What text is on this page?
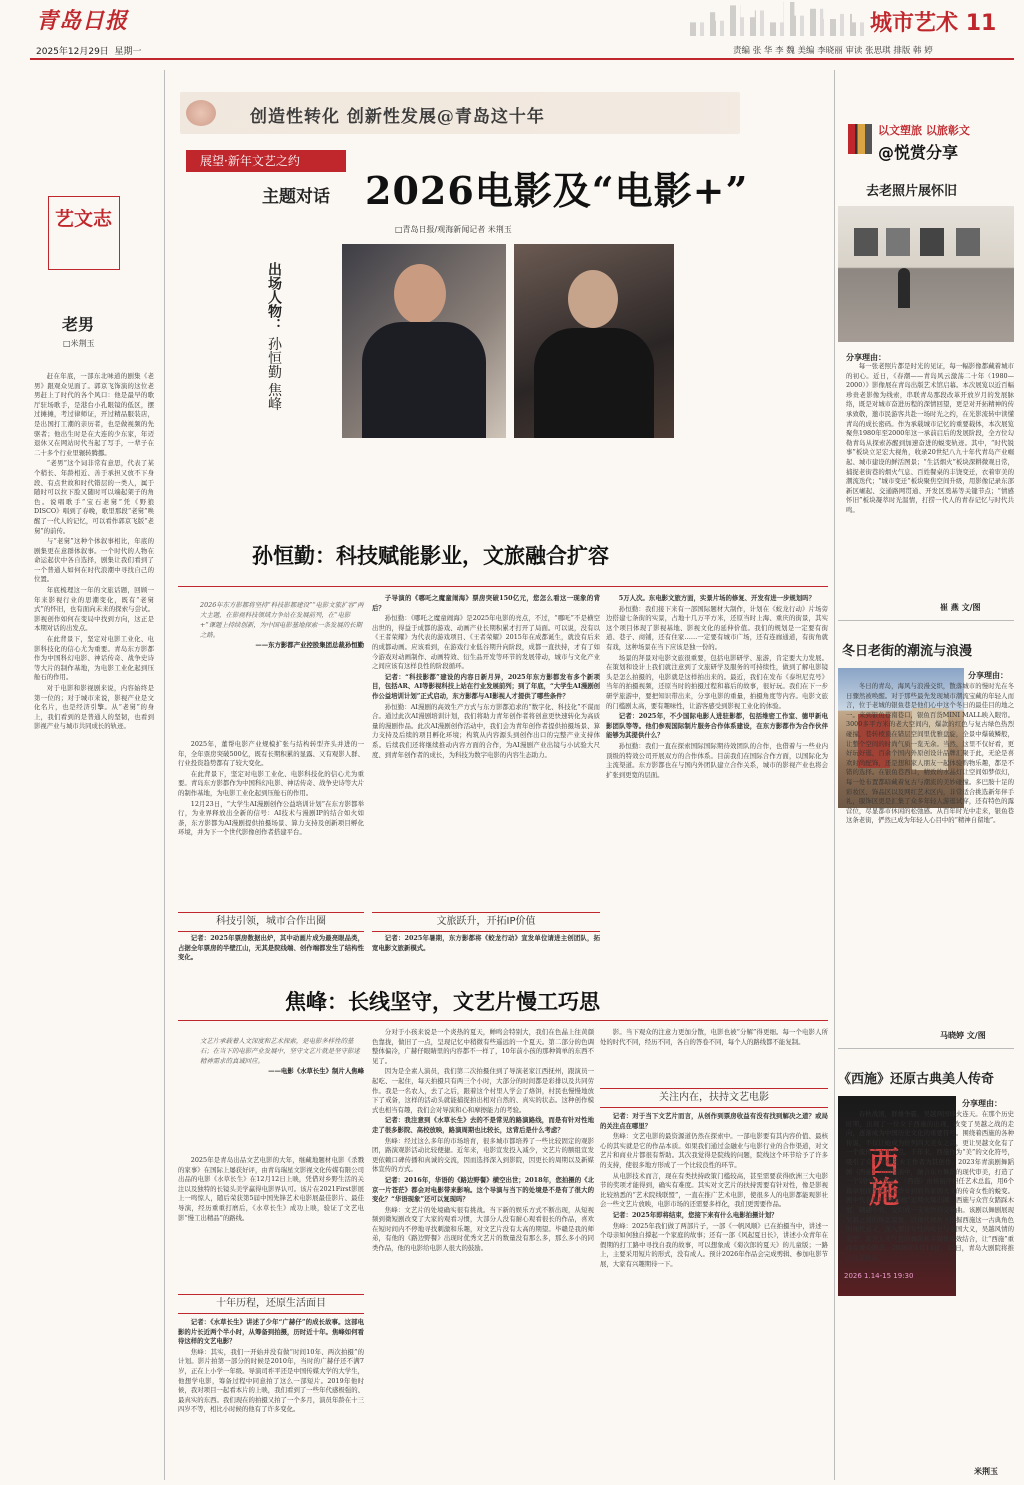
青岛日报	城市艺术 11
2025年12月29日 星期一	责编 张 华 李 魏 美编 李晓丽 审读 张思琪 排版 韩 婷
创造性转化 创新性发展@青岛这十年
展望·新年文艺之约
主题对话 2026电影及“电影+”
□青岛日报/观海新闻记者 米荆玉
出场人物： 孙恒勤 焦峰
艺文志
老男
□米荆玉

赶在年底，一部东北味道的剧集《老男》跟观众见面了。郭京飞饰演的这位老男赶上了时代的各个风口：他是最早的歌厅驻场歌手，是港台小孔眼镜的低区，摆过摊摊，考过律师证，开过精品服装店，是出国打工潮的亲历者，也是做视频的先驱者；他出生时是在大连的少东家，年迈退休又在网站时代当起了写手，一辈子在二十多个行业里辗转腾挪。

“老男”这个词非常有意思，代表了某个稍长、年龄相近、善于承担又放不下身段、有点世故和时代错层的一类人，属于随时可以拉下脸又随时可以端起架子的角色。说唱歌手“宝石老舅”凭《野狼DISCO》唱到了春晚，歌里那段“老舅”唤醒了一代人的记忆，可以看作郭京飞版“老舅”的前传。

与“老舅”这种个体叙事相比，年底的剧集更在意群体叙事。一个时代的人物在命运起伏中各自选择，剧集让我们看到了一个普通人如何在时代浪潮中寻找自己的位置。

年底梳理这一年的文旅话题，回顾一年来影视行业的思潮变化，既有“老舅式”的怀旧，也有面向未来的探索与尝试。影视创作如何在变局中找到方向，这正是本期对话的出发点。

在此背景下，坚定对电影工业化、电影科技化的信心尤为重要。青岛东方影都作为中国科幻电影、神话传奇、战争史诗等大片的制作基地，为电影工业化起到压舱石的作用。

对于电影和影视剧来说，内容始终是第一位的；对于城市来说，影视产业是文化名片，也是经济引擎。从“老舅”的身上，我们看到的是普通人的坚韧，也看到影视产业与城市共同成长的轨迹。

孙恒勤：科技赋能影业，文旅融合扩容
2026年东方影都将坚持“科技影都建设”“电影文旅扩容”两大主题，在影视科技领域力争站在发展前列，在“电影+”课题上持续创新，为中国电影基地探索一条发展的长期之路。
——东方影都产业控股集团总裁孙恒勤

2025年，董帮电影产业规模扩张与结构转型齐头并进的一年，全年票房突破500亿，既有长期积累的显露、又有观影人群、行业投资趋势都有了较大变化。

在此背景下，坚定对电影工业化、电影科技化的信心尤为重要。青岛东方影都作为中国科幻电影、神话传奇、战争史诗等大片的制作基地，为电影工业化起到压舱石的作用。

12月23日，“大学生AI漫剧创作公益培训计划”在东方影都举行，为业界释放出全新的信号：AI技术与漫剧IP的结合如火如荼，东方影都为AI漫剧提供拍摄场景、算力支持及创新项目孵化环境，并为下一个世代影像创作者搭建平台。

科技引领，城市合作出圈

记者：2025年票房数据出炉，其中动画片成为最亮眼品类，占据全年票房的半壁江山，无其是院线端、创作端都发生了结构性变化。

子导演的《哪吒之魔童闹海》票房突破150亿元，您怎么看这一现象的背后？

孙恒勤：《哪吒之魔童闹海》是2025年电影的亮点，不过，“哪吒”不是横空出世的，得益于成都的游戏、动画产业长期积累才打开了局面。可以说，没有以《王者荣耀》为代表的游戏项目、《王者荣耀》2015年在成都诞生，就没有后来的成都动画。应该看到，在游戏行业低谷期升向阶段，成都一直扶持，才有了如今游戏对动画制作、动画特效、衍生品开发等环节的发展带动，城市与文化产业之间应该有这样良性的阶段循环。

记者：“科技影都”建设的内容日新月异，2025年东方影都发布多个新项目，包括AR、AI等影视科技上站在行业发展前列；到了年底，“大学生AI漫剧创作公益培训计划”正式启动，东方影都与AI影视人才提供了哪些条件？

孙恒勤：AI漫剧的高效生产方式与东方影都追求的“数字化、科技化”不谋而合。通过此次AI漫剧培训计划，我们将助力青年创作者将创意更快速转化为高质量的漫剧作品。此次AI漫剧创作活动中，我们会为青年创作者提供拍摄场景、算力支持及后续的项目孵化环境；构筑从内容源头到创作出口的完整产业支持体系。后续我们还将继续推动内容方面的合作，为AI漫剧产业出镜与小试验大尺度、到青年创作者的成长，为科技为数字电影的内容生态助力。

文旅跃升，开拓IP价值

记者：2025年暑期，东方影都将《蛟龙行动》宣发单位请进主创团队，拓宽电影文旅新模式。

5万人次。东电影文旅方面，实景片场的修复、开发有进一步规划吗？

孙恒勤：我们接下来有一部国际题材大制作，计划在《蛟龙行动》片场旁边搭建七条街的实景，占地十几万平方米，还原当时上海、重庆的街景，其实这个项目体现了影视基地、影视文化的延伸价值。我们的规划是一定要有街道、巷子、商铺，还有住家……一定要有城市广场，还有连廊通道，有街角就有戏，这种场景在当下应该是独一份的。

场景的拜景对电影文旅很重要，包括电影研学、旅游，肯定要大力发展。在策划和设计上我们就注意到了文旅研学及服务的可持续性，做到了解电影镜头是怎么拍摄的，电影就是这样拍出来的。最近，我们在发布《泰坦尼克号》当年的拍摄视频，还原当时的拍摄过程和幕后的故事，很好玩。我们在下一步研学旅游中，要把知识带出来，分享电影的重量，拍摄角度等内容。电影文旅的门槛剧太高，要有趣味性，让游客感受到影视工业化的体验。

记者：2025年，不少国际电影人进驻影都，包括维密工作室、德甲新电影团队等等。他们参观国际制片服务合作体系建设，在东方影都作为合作伙伴能够为其提供什么？

孙恒勤：我们一直在探索国际国际期待效团队的合作，也借着与一些业内顶级的特效公司开展双方的合作体系。目前我们在国际合作方面，以国际化为主流渠道。东方影都也在与国内外团队建立合作关系，城市的影视产业也将会扩张到更宽的层面。

焦峰：长线坚守，文艺片慢工巧思
文艺片承载着人文深度和艺术探索，是电影多样性的基石；在当下的电影产业发展中，坚守文艺片就是坚守影迷精神需求的真诚回应。
——电影《水草长生》制片人焦峰

2025年是青岛出品文艺电影的大年，继藏地题材电影《杀戮的家事》在国际上屡获好评，由青岛瑞星文影视文化传媒有限公司出品的电影《水草长生》在12月12日上映，凭借对乡野生活的关注以及独特的长镜头美学赢得电影界认可。该片在2021First影展上一鸣惊人，随后荣获第5届中国先锋艺术电影展最佳影片、最佳导演，经历重重打磨后，《水草长生》成功上映，验证了文艺电影“慢工出精品”的路线。

十年历程，还原生活面目

记者：《水草长生》讲述了少年“广赫仔”的成长故事。这部电影的片长近两个半小时，从筹备到拍摄，历时近十年。焦峰如何看待这样的文艺电影？

焦峰：其实，我们一开始并没有做“时间10年、两次拍摄”的计划。影片拍第一部分的时候是2010年，当时的广赫仔还不满7岁，正在上小学一年级。导演司祚平还是中国传媒大学的大学生，他想学电影，筹备过程中同意拍了这么一部短片。2019年他时候，我对项目一起看本片的上映，我们看到了一些年代感极强的、最真实的东西。我们现在的拍摄又拍了一个多月，演员年龄在十三四岁不等，相比小时候的他有了许多变化。

分对于小孩来说是一个炎热的夏天，蝉鸣会特别大，我们在色晶上往黄颜色靠拢，做旧了一点，呈现记忆中稍微有些遥远的一个夏天。第二部分的色调整体偏冷，广赫仔眼睛里的内容都不一样了，10年前小孩的那种简单的东西不见了。

因为是全素人演员，我们第二次拍摄住到了导演老家江西抚州，跟演员一起吃、一起住，每天拍摄只有两三个小时，大部分的时间都是彩排以及共同劳作。我是一名农人，去了之后，跟着这个村里人学会了烙饼，村民也慢慢地放下了戒备，这样的活动头就能捕捉拍出相对自然的、真实的状态。这种创作模式也相当有趣，我们会对导演和心和摩擦能力的考验。

记者：我注意到《水草长生》去的不是常见的路演路线，而是有针对性地走了很多影院、高校放映，路演周期也比较长，这背后是什么考虑？

焦峰：经过这么多年的市场培育，很多城市都培养了一些比较固定的观影团，路演观影活动比较便捷。近年来，电影宣发投入减少，文艺片的额组宣发更依赖口碑传播和真诚的交流，因而选择深入到影院，因更长的周期以及新媒体宣传的方式。

记者：2016年，华语的《路边野餐》横空出世；2018年，您拍摄的《北京一片苍茫》都会对电影带来影响。这个导演与当下的处境是不是有了很大的变化？“华语现象”还可以复现吗？

焦峰：文艺片的处境确实很有挑战。当下新的娱乐方式不断出现，从短视频到微短剧改变了大家的观看习惯，大部分人没有耐心观看很长的作品，喜欢在短时间内不停地寻找刺激和乐趣，对文艺片没有太高的期望。毕赣是我的师弟，有他的《路边野餐》出现时优秀文艺片的数量没有那么多，那么多小的同类作品，他的电影给电影人很大的鼓励。

影。当下观众的注意力更加分散，电影也被“分解”得更细。每一个电影人所处的时代不同，经历不同，各自的答卷不同，每个人的路线都不能复制。

关注内在，扶持文艺电影

记者：对于当下文艺片而言，从创作到票房收益有没有找到解决之道？或局的关注点在哪里？

焦峰：文艺电影的最资源道仍然在探索中。一部电影要有其内容价值、最核心的其实就是它的作品本质。如果我们通过金融业与电影行业的合作渠道，对文艺片和商业片都很有帮助。其次我觉得是院线的问题，院线这个环节给予了许多的支持，使很多地方形成了一个比较良性的环节。

从电影技术而言，现在有类扶持政策门槛较高，甚至需要获得欧洲三大电影节的奖项才能得到，确实有难度。其实对文艺片的扶持需要有针对性，像是影视比较熟悉的“艺术院线联盟”，一直在推广艺术电影，使很多人的电影都能观影社会一些文艺片放映，电影市场的还需要多样化，我们更需要作品。

记者：2025年即将结束，您接下来有什么电影拍摄计划？

焦峰：2025年我们做了两部片子，一部《一帆风顺》已在拍摄当中，讲述一个母亲如何独自撑起一个家庭的故事；还有一部《风起夏日长》，讲述小众青年在假期的打工路中寻找自我的故事，可以想象成《菊次郎的夏天》的儿童版；一路上，主要采用短片的形式，没有成人。预计2026年作品会完成剪辑、参加电影节展，大家有兴趣期待一下。

以文塑旅 以旅彰文
@悦赏分享
去老照片展怀旧
分享理由：

每一张老照片都是时光的见证，每一幅影像都藏着城市的初心。近日，《春潮——青岛风云激荡二十年（1980—2000）》影像展在青岛出版艺术馆启幕。本次展览以近百幅珍贵老影像为线索，串联青岛那段改革开放岁月的发展脉络，既是对城市奋进历程的深情回望，更是对开拓精神的传承致敬，邀市民游客共赴一场时光之约，在光影流转中读懂青岛的成长密码。作为承载城市记忆的重要载体，本次展览聚焦1980年至2000年这一承前启后的发展阶段，全方位勾勒青岛从探索苏醒到加速奋进的蜕变轨迹。其中，“时代锐事”板块立足宏大视角，收录20世纪八九十年代青岛产业崛起、城市建设的鲜活图景；“生活烟火”板块深耕微观日常，捕捉老街巷的烟火气息、百姓餐桌的丰饶变迁，衣着审美的潮流迭代；“城市变迁”板块聚焦空间升级，用影像记录东部新区崛起、交通路网贯通、开发区奠基等关键节点；“情感怀旧”板块凝萃时光温情，打捞一代人的青春记忆与时代共鸣。

崔 燕 文/图
冬日老街的潮流与浪漫
分享理由：

冬日的青岛，海风与浪漫交织，散落城市的慢时光在冬日骤然被唤醒。对于那些最先发现城市潮流宝藏的年轻人而言，位于老城的银鱼巷是他们心中这个冬日的最佳目的地之一。来到银鱼巷南巷口，银鱼百货MINI MALL映入眼帘。3000多平方米的老大空间内，爆款的红色与复古绿色热烈碰撞，巷转棱顶在错层空间里优雅盘旋，全景中爆破鳞般，让整个空间的时尚气质一览无余。当然，这里不仅好看，更好玩好逛，百余个国内外原创设计品牌汇聚于此，无论是喜欢时尚配饰，还是想和家人朋友一起体验购物乐趣，都是不错的选择。在银鱼巷西口，精致的水晶灯让空间如梦似幻，每一处布置都暗藏着复古与潮流的美妙碰撞。多巴胺十足的彩妆区、饰品区以及网红艺术区内，非常适合挑选新年伴手礼，服饰区更是汇集了众多年轻人游逛试穿，还有特色的露营位，尽显都市休闲的松弛感。从百年时光中走来，银鱼巷这条老街，俨然已成为年轻人心目中的“精神自留地”。

马晓婷 文/图
《西施》还原古典美人传奇
西施
2026 1.14-15 19:30
分享理由：

春秋战国，群雄争霸，吴越两国烽火连天。在那个历史时期，出现了一位女子西施的出现，改变了吴越之战的走向，逐渐成为中国历史文化的重要符号。围绕着西施的各种传说，不仅让她成为位列四大美女之首，更让吴越文化有了一个流传千古的亮点。千年来，西施作为“美”的文化符号，吸引了众多文化艺术工作者为其创作。2023年青演剧舞蹈剧《西施》全国巡演中，融合东方舞蹈的现代审美，打造了一个别样的“西施”。《西施》由杨丽萍担任艺术总监，用6个篇章展现西施从浣纱女到肩负家国大义的传奇女性的蜕变。剧中代表舞段“响屧廊”近期火爆出圈：西施与众宫女踏踩木屐，翩翩小将，交织成一支欢快的交响曲。该剧以舞剧展现吴越之战的恢弘景象，以现代视角下挖掘西施这一古典角色的现代意义，深入探讨女性的成长与家国大义，吴越风情的造型、富含人文气息的舞蹈和多媒体视效结合，让“西施”重现在观众眼前。2026年1月14日、15日，青岛大剧院将推出这部作品。

米荆玉
